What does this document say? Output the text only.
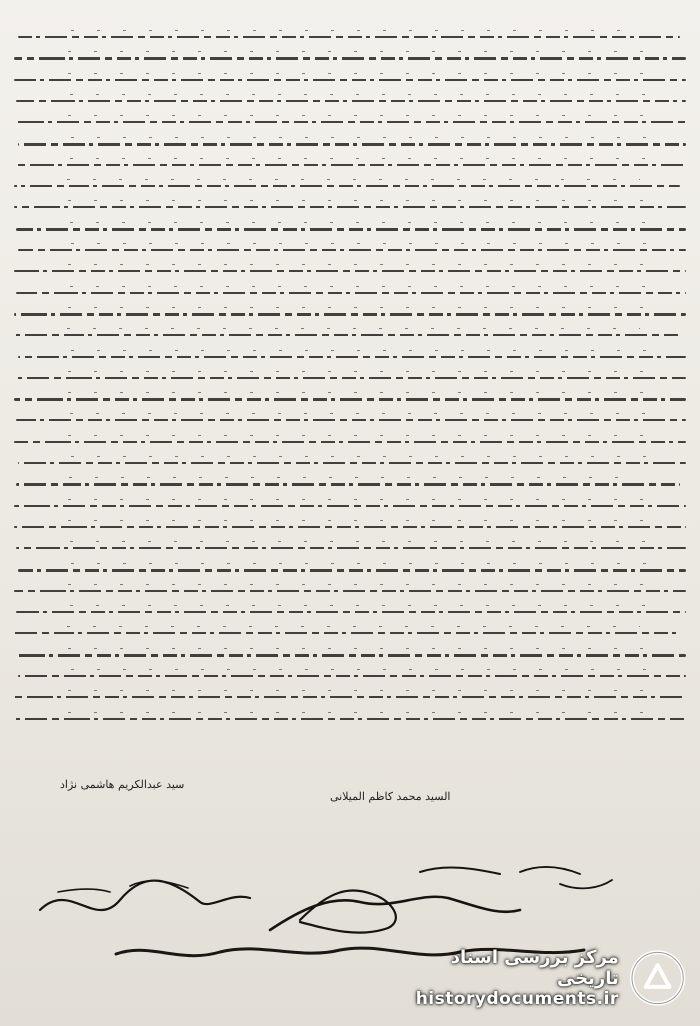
سید عبدالکریم هاشمی نژاد
السید محمد کاظم المیلانی
مرکز بررسی اسناد تاریخی
historydocuments.ir
